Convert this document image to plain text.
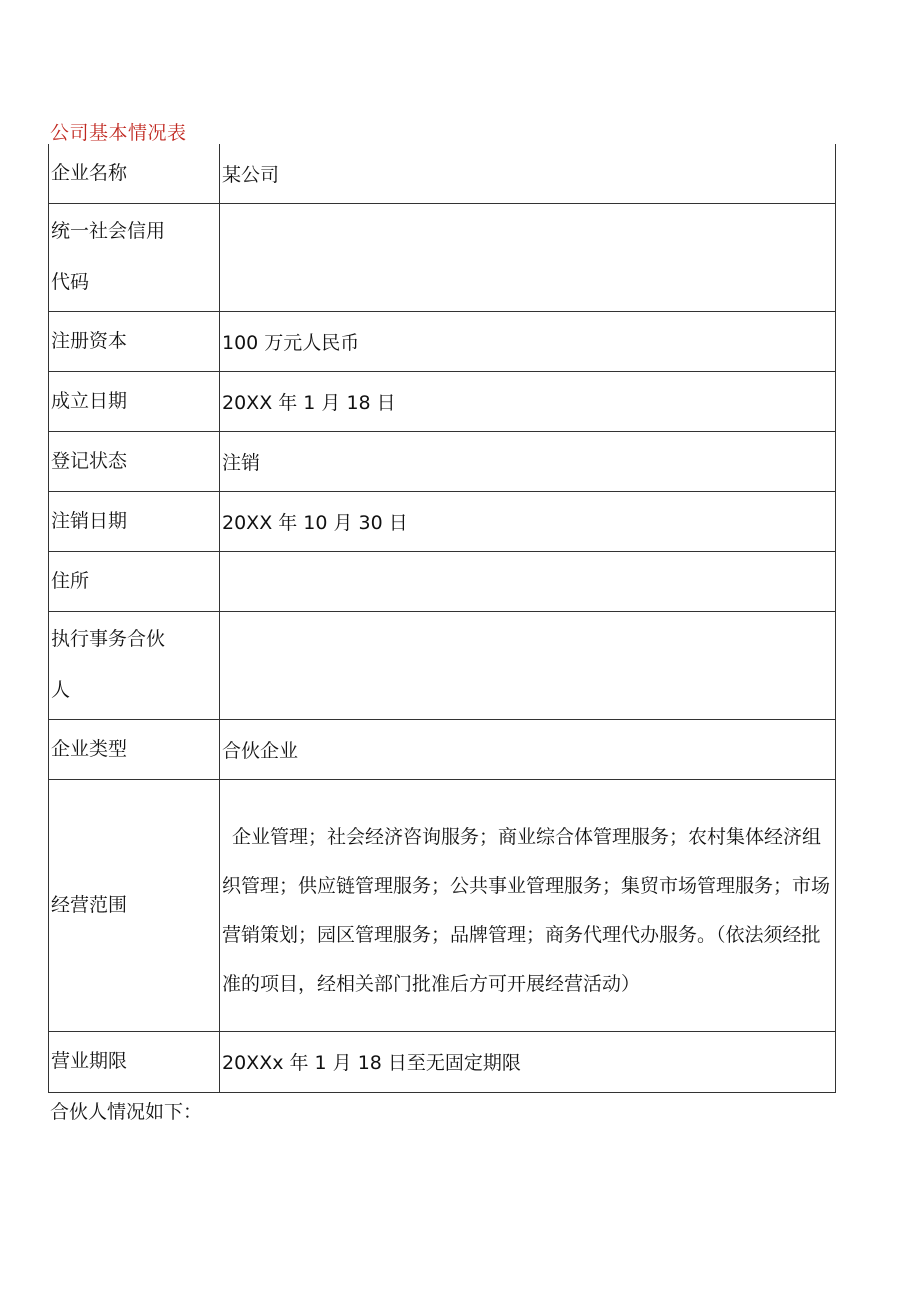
公司基本情况表
企业名称	某公司
统一社会信用代码	
注册资本	100 万元人民币
成立日期	20XX 年 1 月 18 日
登记状态	注销
注销日期	20XX 年 10 月 30 日
住所	
执行事务合伙人	
企业类型	合伙企业
经营范围	企业管理；社会经济咨询服务；商业综合体管理服务；农村集体经济组织管理；供应链管理服务；公共事业管理服务；集贸市场管理服务；市场营销策划；园区管理服务；品牌管理；商务代理代办服务。（依法须经批准的项目，经相关部门批准后方可开展经营活动）
营业期限	20XXx 年 1 月 18 日至无固定期限
合伙人情况如下：
